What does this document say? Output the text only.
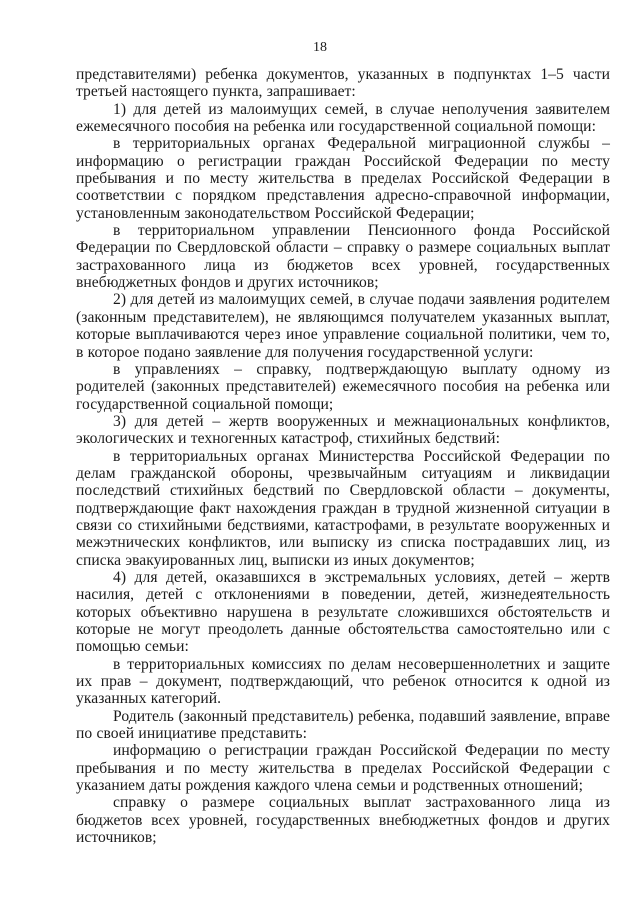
18

представителями) ребенка документов, указанных в подпунктах 1–5 части третьей настоящего пункта, запрашивает:

1) для детей из малоимущих семей, в случае неполучения заявителем ежемесячного пособия на ребенка или государственной социальной помощи:

в территориальных органах Федеральной миграционной службы – информацию о регистрации граждан Российской Федерации по месту пребывания и по месту жительства в пределах Российской Федерации в соответствии с порядком представления адресно-справочной информации, установленным законодательством Российской Федерации;

в территориальном управлении Пенсионного фонда Российской Федерации по Свердловской области – справку о размере социальных выплат застрахованного лица из бюджетов всех уровней, государственных внебюджетных фондов и других источников;

2) для детей из малоимущих семей, в случае подачи заявления родителем (законным представителем), не являющимся получателем указанных выплат, которые выплачиваются через иное управление социальной политики, чем то, в которое подано заявление для получения государственной услуги:

в управлениях – справку, подтверждающую выплату одному из родителей (законных представителей) ежемесячного пособия на ребенка или государственной социальной помощи;

3) для детей – жертв вооруженных и межнациональных конфликтов, экологических и техногенных катастроф, стихийных бедствий:

в территориальных органах Министерства Российской Федерации по делам гражданской обороны, чрезвычайным ситуациям и ликвидации последствий стихийных бедствий по Свердловской области – документы, подтверждающие факт нахождения граждан в трудной жизненной ситуации в связи со стихийными бедствиями, катастрофами, в результате вооруженных и межэтнических конфликтов, или выписку из списка пострадавших лиц, из списка эвакуированных лиц, выписки из иных документов;

4) для детей, оказавшихся в экстремальных условиях, детей – жертв насилия, детей с отклонениями в поведении, детей, жизнедеятельность которых объективно нарушена в результате сложившихся обстоятельств и которые не могут преодолеть данные обстоятельства самостоятельно или с помощью семьи:

в территориальных комиссиях по делам несовершеннолетних и защите их прав – документ, подтверждающий, что ребенок относится к одной из указанных категорий.

Родитель (законный представитель) ребенка, подавший заявление, вправе по своей инициативе представить:

информацию о регистрации граждан Российской Федерации по месту пребывания и по месту жительства в пределах Российской Федерации с указанием даты рождения каждого члена семьи и родственных отношений;

справку о размере социальных выплат застрахованного лица из бюджетов всех уровней, государственных внебюджетных фондов и других источников;
